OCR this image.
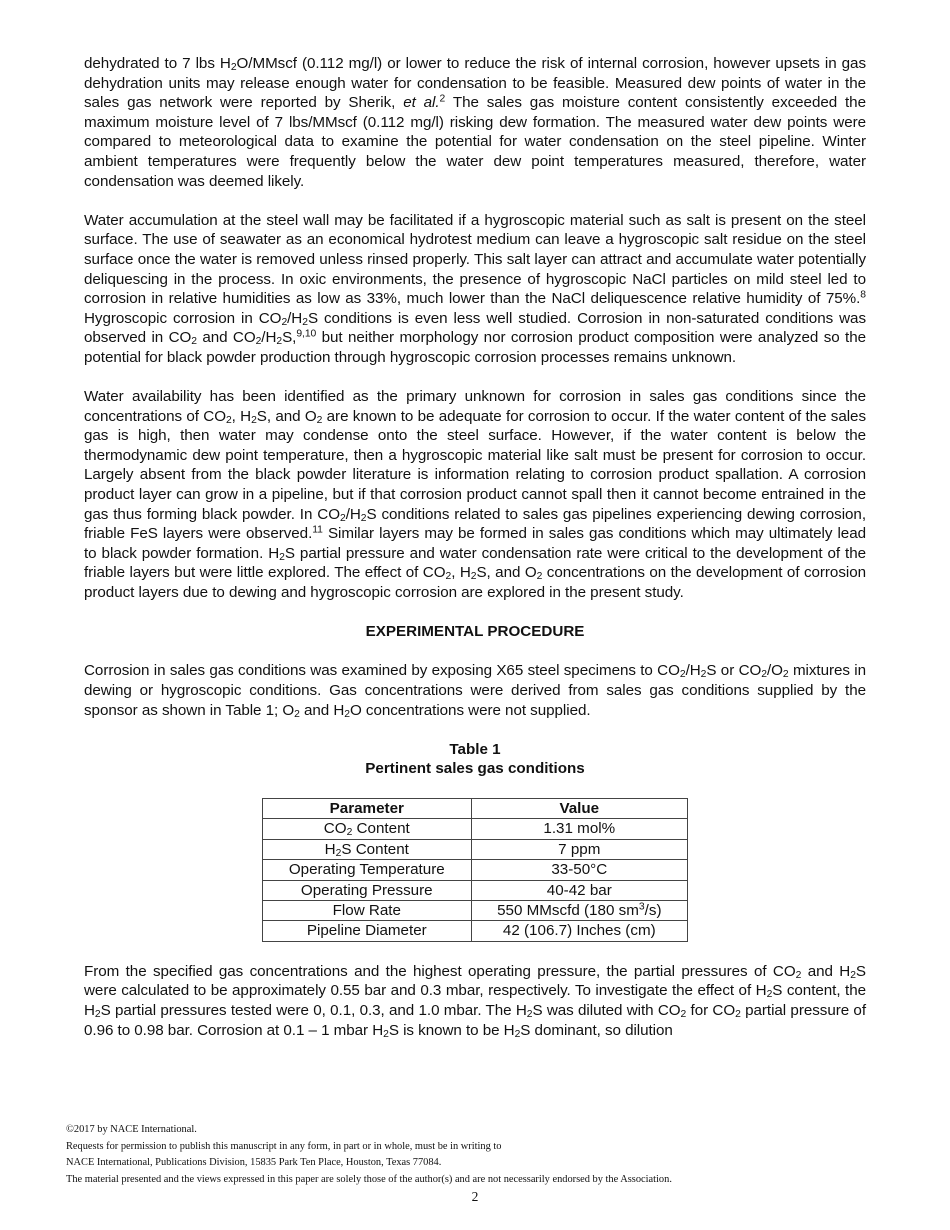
dehydrated to 7 lbs $H_2O$/MMscf (0.112 mg/l) or lower to reduce the risk of internal corrosion, however upsets in gas dehydration units may release enough water for condensation to be feasible. Measured dew points of water in the sales gas network were reported by Sherik, et al.$^2$ The sales gas moisture content consistently exceeded the maximum moisture level of 7 lbs/MMscf (0.112 mg/l) risking dew formation. The measured water dew points were compared to meteorological data to examine the potential for water condensation on the steel pipeline. Winter ambient temperatures were frequently below the water dew point temperatures measured, therefore, water condensation was deemed likely.

Water accumulation at the steel wall may be facilitated if a hygroscopic material such as salt is present on the steel surface. The use of seawater as an economical hydrotest medium can leave a hygroscopic salt residue on the steel surface once the water is removed unless rinsed properly. This salt layer can attract and accumulate water potentially deliquescing in the process. In oxic environments, the presence of hygroscopic NaCl particles on mild steel led to corrosion in relative humidities as low as 33%, much lower than the NaCl deliquescence relative humidity of 75%.$^8$ Hygroscopic corrosion in $CO_2/H_2S$ conditions is even less well studied. Corrosion in non-saturated conditions was observed in $CO_2$ and $CO_2/H_2S,^{9,10}$ but neither morphology nor corrosion product composition were analyzed so the potential for black powder production through hygroscopic corrosion processes remains unknown.

Water availability has been identified as the primary unknown for corrosion in sales gas conditions since the concentrations of $CO_2$, $H_2S$, and $O_2$ are known to be adequate for corrosion to occur. If the water content of the sales gas is high, then water may condense onto the steel surface. However, if the water content is below the thermodynamic dew point temperature, then a hygroscopic material like salt must be present for corrosion to occur. Largely absent from the black powder literature is information relating to corrosion product spallation. A corrosion product layer can grow in a pipeline, but if that corrosion product cannot spall then it cannot become entrained in the gas thus forming black powder. In $CO_2/H_2S$ conditions related to sales gas pipelines experiencing dewing corrosion, friable FeS layers were observed.$^{11}$ Similar layers may be formed in sales gas conditions which may ultimately lead to black powder formation. $H_2S$ partial pressure and water condensation rate were critical to the development of the friable layers but were little explored. The effect of $CO_2$, $H_2S$, and $O_2$ concentrations on the development of corrosion product layers due to dewing and hygroscopic corrosion are explored in the present study.

EXPERIMENTAL PROCEDURE

Corrosion in sales gas conditions was examined by exposing X65 steel specimens to $CO_2/H_2S$ or $CO_2/O_2$ mixtures in dewing or hygroscopic conditions. Gas concentrations were derived from sales gas conditions supplied by the sponsor as shown in Table 1; $O_2$ and $H_2O$ concentrations were not supplied.

Table 1
Pertinent sales gas conditions
Parameter	Value
$CO_2$ Content	1.31 mol%
$H_2S$ Content	7 ppm
Operating Temperature	33-50°C
Operating Pressure	40-42 bar
Flow Rate	550 MMscfd (180 $sm^3/s$)
Pipeline Diameter	42 (106.7) Inches (cm)

From the specified gas concentrations and the highest operating pressure, the partial pressures of $CO_2$ and $H_2S$ were calculated to be approximately 0.55 bar and 0.3 mbar, respectively. To investigate the effect of $H_2S$ content, the $H_2S$ partial pressures tested were 0, 0.1, 0.3, and 1.0 mbar. The $H_2S$ was diluted with $CO_2$ for $CO_2$ partial pressure of 0.96 to 0.98 bar. Corrosion at 0.1 – 1 mbar $H_2S$ is known to be $H_2S$ dominant, so dilution

©2017 by NACE International.
Requests for permission to publish this manuscript in any form, in part or in whole, must be in writing to
NACE International, Publications Division, 15835 Park Ten Place, Houston, Texas 77084.
The material presented and the views expressed in this paper are solely those of the author(s) and are not necessarily endorsed by the Association.
2
